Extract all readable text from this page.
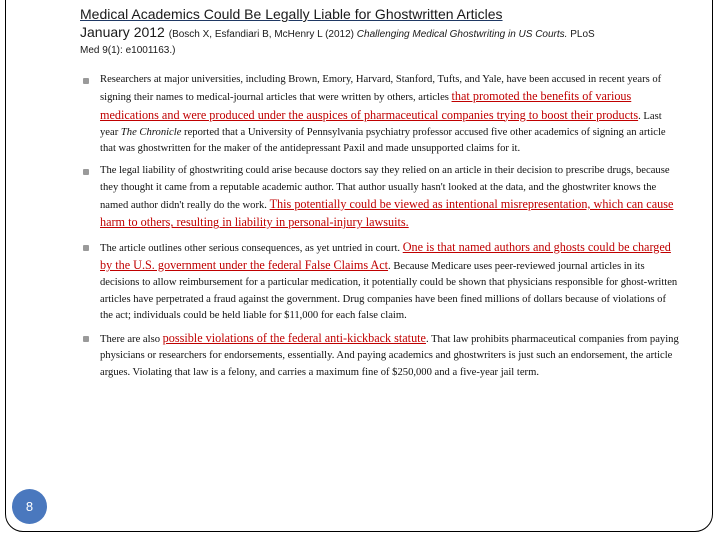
Medical Academics Could Be Legally Liable for Ghostwritten Articles
January 2012 (Bosch X, Esfandiari B, McHenry L (2012) Challenging Medical Ghostwriting in US Courts. PLoS
Med 9(1): e1001163.)
Researchers at major universities, including Brown, Emory, Harvard, Stanford, Tufts, and Yale, have been accused in recent years of signing their names to medical-journal articles that were written by others, articles that promoted the benefits of various medications and were produced under the auspices of pharmaceutical companies trying to boost their products. Last year The Chronicle reported that a University of Pennsylvania psychiatry professor accused five other academics of signing an article that was ghostwritten for the maker of the antidepressant Paxil and made unsupported claims for it.
The legal liability of ghostwriting could arise because doctors say they relied on an article in their decision to prescribe drugs, because they thought it came from a reputable academic author. That author usually hasn't looked at the data, and the ghostwriter knows the named author didn't really do the work. This potentially could be viewed as intentional misrepresentation, which can cause harm to others, resulting in liability in personal-injury lawsuits.
The article outlines other serious consequences, as yet untried in court. One is that named authors and ghosts could be charged by the U.S. government under the federal False Claims Act. Because Medicare uses peer-reviewed journal articles in its decisions to allow reimbursement for a particular medication, it potentially could be shown that physicians responsible for ghost-written articles have perpetrated a fraud against the government. Drug companies have been fined millions of dollars because of violations of the act; individuals could be held liable for $11,000 for each false claim.
There are also possible violations of the federal anti-kickback statute. That law prohibits pharmaceutical companies from paying physicians or researchers for endorsements, essentially. And paying academics and ghostwriters is just such an endorsement, the article argues. Violating that law is a felony, and carries a maximum fine of $250,000 and a five-year jail term.
8
